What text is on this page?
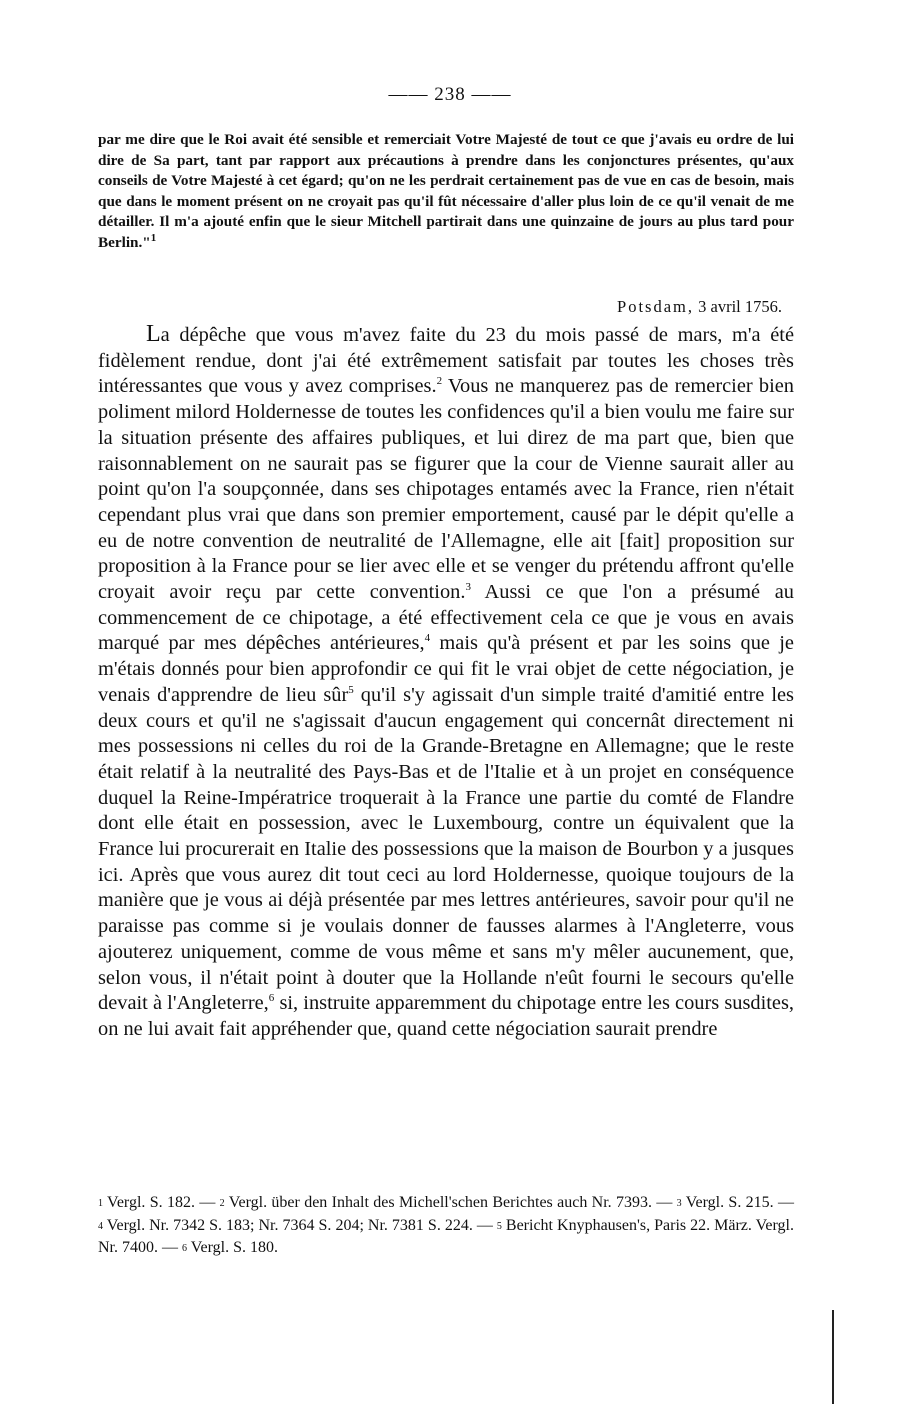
—— 238 ——

par me dire que le Roi avait été sensible et remerciait Votre Majesté de tout ce que j'avais eu ordre de lui dire de Sa part, tant par rapport aux précautions à prendre dans les conjonctures présentes, qu'aux conseils de Votre Majesté à cet égard; qu'on ne les perdrait certainement pas de vue en cas de besoin, mais que dans le moment présent on ne croyait pas qu'il fût nécessaire d'aller plus loin de ce qu'il venait de me détailler. Il m'a ajouté enfin que le sieur Mitchell partirait dans une quinzaine de jours au plus tard pour Berlin."$^1$

Potsdam, 3 avril 1756.

La dépêche que vous m'avez faite du 23 du mois passé de mars, m'a été fidèlement rendue, dont j'ai été extrêmement satisfait par toutes les choses très intéressantes que vous y avez comprises.$^2$ Vous ne manquerez pas de remercier bien poliment milord Holdernesse de toutes les confidences qu'il a bien voulu me faire sur la situation présente des affaires publiques, et lui direz de ma part que, bien que raisonnablement on ne saurait pas se figurer que la cour de Vienne saurait aller au point qu'on l'a soupçonnée, dans ses chipotages entamés avec la France, rien n'était cependant plus vrai que dans son premier emportement, causé par le dépit qu'elle a eu de notre convention de neutralité de l'Allemagne, elle ait [fait] proposition sur proposition à la France pour se lier avec elle et se venger du prétendu affront qu'elle croyait avoir reçu par cette convention.$^3$ Aussi ce que l'on a présumé au commencement de ce chipotage, a été effectivement cela ce que je vous en avais marqué par mes dépêches antérieures,$^4$ mais qu'à présent et par les soins que je m'étais donnés pour bien approfondir ce qui fit le vrai objet de cette négociation, je venais d'apprendre de lieu sûr$^5$ qu'il s'y agissait d'un simple traité d'amitié entre les deux cours et qu'il ne s'agissait d'aucun engagement qui concernât directement ni mes possessions ni celles du roi de la Grande-Bretagne en Allemagne; que le reste était relatif à la neutralité des Pays-Bas et de l'Italie et à un projet en conséquence duquel la Reine-Impératrice troquerait à la France une partie du comté de Flandre dont elle était en possession, avec le Luxembourg, contre un équivalent que la France lui procurerait en Italie des possessions que la maison de Bourbon y a jusques ici. Après que vous aurez dit tout ceci au lord Holdernesse, quoique toujours de la manière que je vous ai déjà présentée par mes lettres antérieures, savoir pour qu'il ne paraisse pas comme si je voulais donner de fausses alarmes à l'Angleterre, vous ajouterez uniquement, comme de vous même et sans m'y mêler aucunement, que, selon vous, il n'était point à douter que la Hollande n'eût fourni le secours qu'elle devait à l'Angleterre,$^6$ si, instruite apparemment du chipotage entre les cours susdites, on ne lui avait fait appréhender que, quand cette négociation saurait prendre

1 Vergl. S. 182. — 2 Vergl. über den Inhalt des Michell'schen Berichtes auch Nr. 7393. — 3 Vergl. S. 215. — 4 Vergl. Nr. 7342 S. 183; Nr. 7364 S. 204; Nr. 7381 S. 224. — 5 Bericht Knyphausen's, Paris 22. März. Vergl. Nr. 7400. — 6 Vergl. S. 180.
